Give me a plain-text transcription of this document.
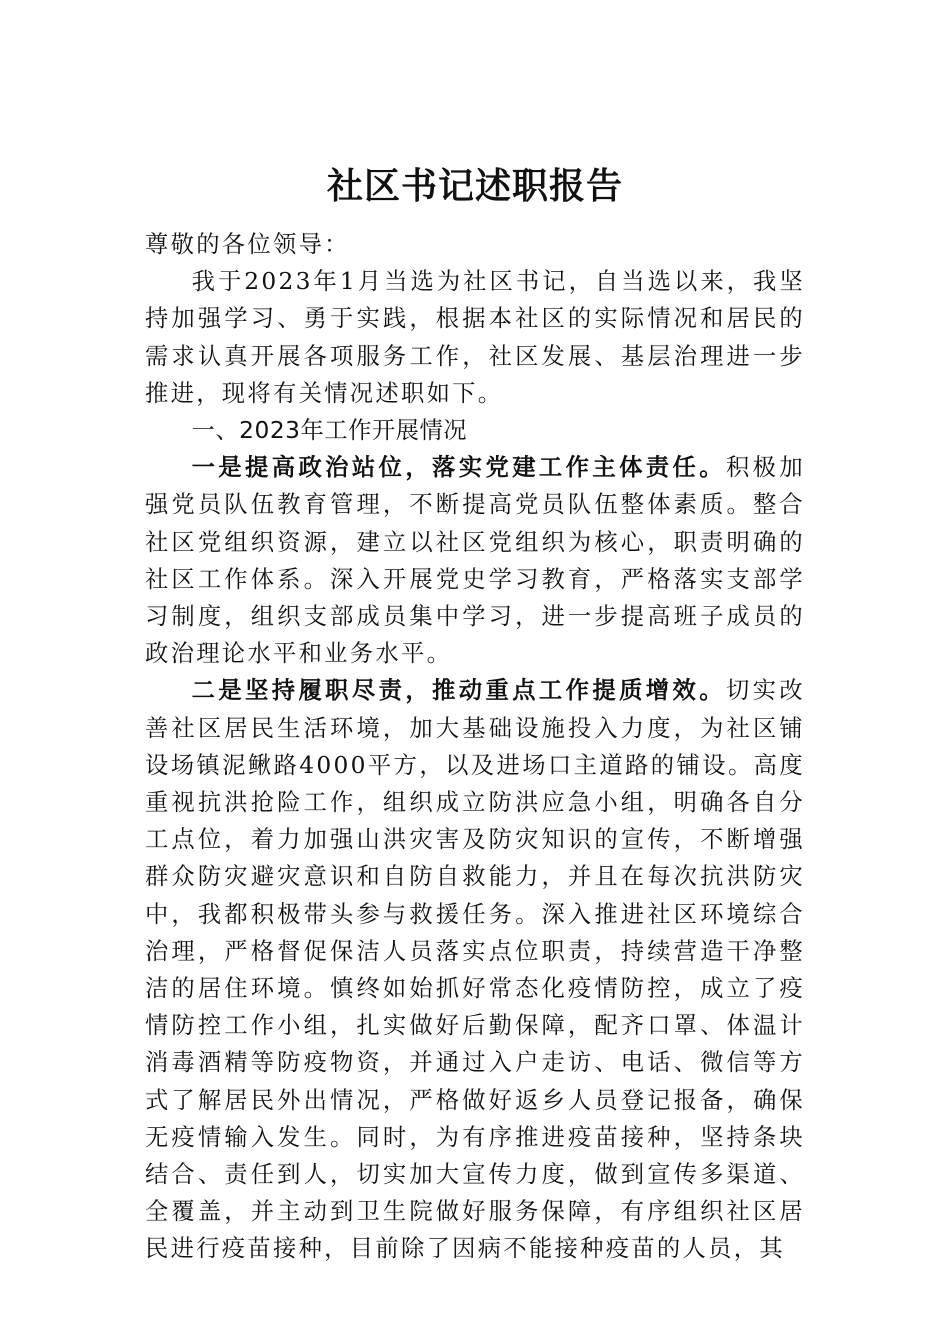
社区书记述职报告

尊敬的各位领导：

我于2023年1月当选为社区书记，自当选以来，我坚持加强学习、勇于实践，根据本社区的实际情况和居民的需求认真开展各项服务工作，社区发展、基层治理进一步推进，现将有关情况述职如下。

一、2023年工作开展情况

一是提高政治站位，落实党建工作主体责任。积极加强党员队伍教育管理，不断提高党员队伍整体素质。整合社区党组织资源，建立以社区党组织为核心，职责明确的社区工作体系。深入开展党史学习教育，严格落实支部学习制度，组织支部成员集中学习，进一步提高班子成员的政治理论水平和业务水平。

二是坚持履职尽责，推动重点工作提质增效。切实改善社区居民生活环境，加大基础设施投入力度，为社区铺设场镇泥鳅路4000平方，以及进场口主道路的铺设。高度重视抗洪抢险工作，组织成立防洪应急小组，明确各自分工点位，着力加强山洪灾害及防灾知识的宣传，不断增强群众防灾避灾意识和自防自救能力，并且在每次抗洪防灾中，我都积极带头参与救援任务。深入推进社区环境综合治理，严格督促保洁人员落实点位职责，持续营造干净整洁的居住环境。慎终如始抓好常态化疫情防控，成立了疫情防控工作小组，扎实做好后勤保障，配齐口罩、体温计消毒酒精等防疫物资，并通过入户走访、电话、微信等方式了解居民外出情况，严格做好返乡人员登记报备，确保无疫情输入发生。同时，为有序推进疫苗接种，坚持条块结合、责任到人，切实加大宣传力度，做到宣传多渠道、全覆盖，并主动到卫生院做好服务保障，有序组织社区居民进行疫苗接种，目前除了因病不能接种疫苗的人员，其
